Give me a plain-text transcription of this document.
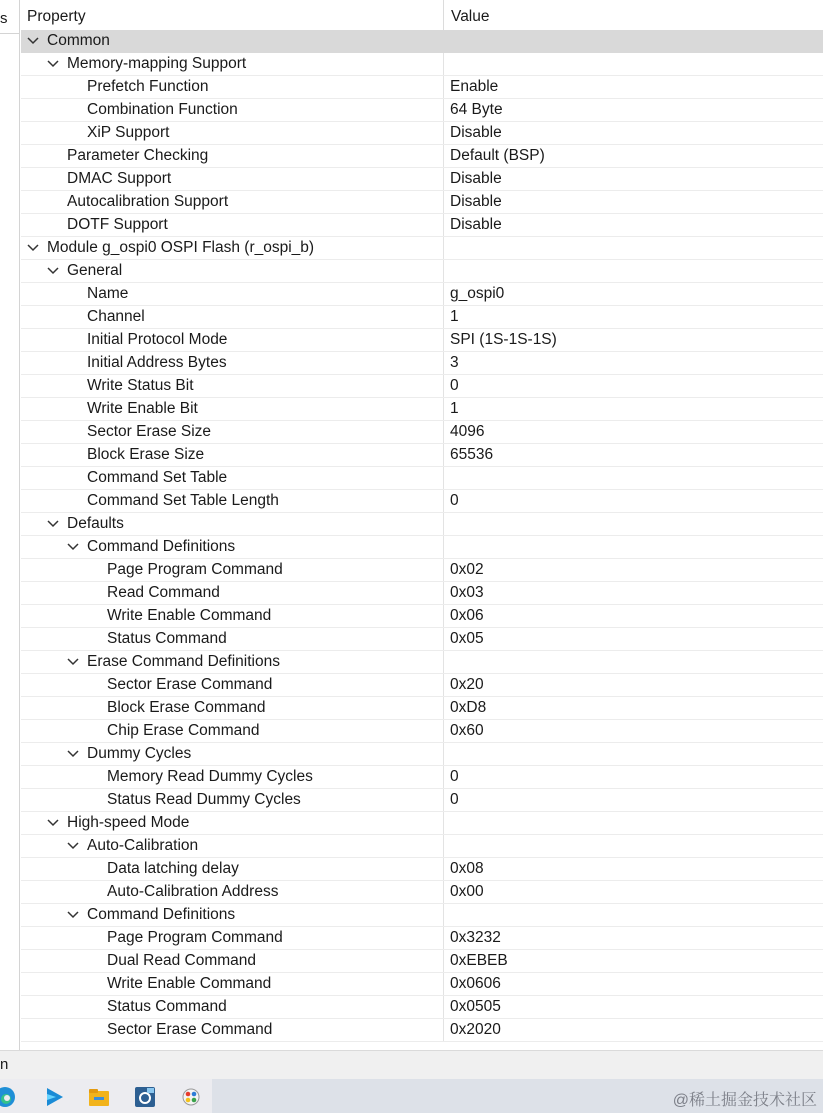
s	Property	Value
Common
Memory-mapping Support
Prefetch Function	Enable
Combination Function	64 Byte
XiP Support	Disable
Parameter Checking	Default (BSP)
DMAC Support	Disable
Autocalibration Support	Disable
DOTF Support	Disable
Module g_ospi0 OSPI Flash (r_ospi_b)
General
Name	g_ospi0
Channel	1
Initial Protocol Mode	SPI (1S-1S-1S)
Initial Address Bytes	3
Write Status Bit	0
Write Enable Bit	1
Sector Erase Size	4096
Block Erase Size	65536
Command Set Table
Command Set Table Length	0
Defaults
Command Definitions
Page Program Command	0x02
Read Command	0x03
Write Enable Command	0x06
Status Command	0x05
Erase Command Definitions
Sector Erase Command	0x20
Block Erase Command	0xD8
Chip Erase Command	0x60
Dummy Cycles
Memory Read Dummy Cycles	0
Status Read Dummy Cycles	0
High-speed Mode
Auto-Calibration
Data latching delay	0x08
Auto-Calibration Address	0x00
Command Definitions
Page Program Command	0x3232
Dual Read Command	0xEBEB
Write Enable Command	0x0606
Status Command	0x0505
Sector Erase Command	0x2020
n
@稀土掘金技术社区
